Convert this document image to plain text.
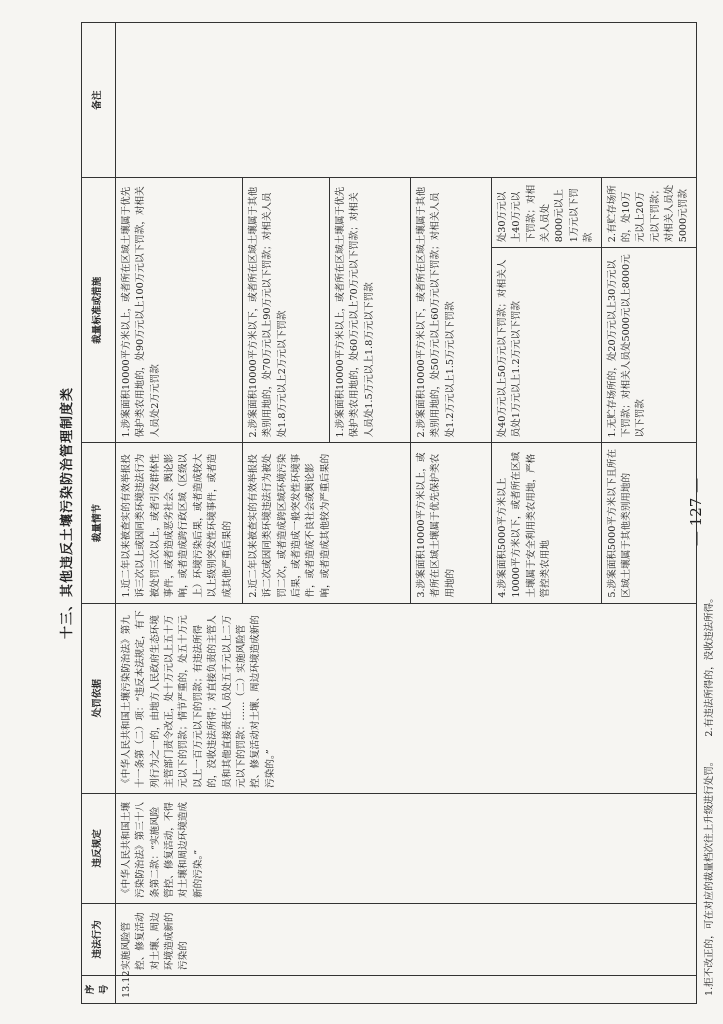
— 127 —
十三、其他违反土壤污染防治管理制度类
序号	违法行为	违反规定	处罚依据	裁量情节	裁量标准或措施		备注
13.12	实施风险管控、修复活动对土壤、周边环境造成新的污染的	《中华人民共和国土壤污染防治法》第三十八条第二款：“实施风险管控、修复活动，不得对土壤和周边环境造成新的污染。”	《中华人民共和国土壤污染防治法》第九十一条第（二）项：“违反本法规定，有下列行为之一的，由地方人民政府生态环境主管部门责令改正，处十万元以上五十万元以下的罚款；情节严重的，处五十万元以上一百万元以下的罚款；有违法所得的，没收违法所得；对直接负责的主管人员和其他直接责任人员处五千元以上二万元以下的罚款：……（二）实施风险管控、修复活动对土壤、周边环境造成新的污染的。”	1.近二年以来被查实的有效举报投诉三次以上或因同类环境违法行为被处罚三次以上，或者引发群体性事件，或者造成恶劣社会、舆论影响，或者造成跨行政区域（区级以上）环境污染后果，或者造成较大以上级别突发性环境事件，或者造成其他严重后果的	1.涉案面积10000平方米以上，或者所在区域土壤属于优先保护类农用地的，处90万元以上100万元以下罚款，对相关人员处2万元罚款		
				2.近二年以来被查实的有效举报投诉二次或因同类环境违法行为被处罚二次，或者造成跨区域环境污染后果，或者造成一般突发性环境事件，或者造成不良社会或舆论影响，或者造成其他较为严重后果的	2.涉案面积10000平方米以下，或者所在区域土壤属于其他类别用地的，处70万元以上90万元以下罚款；对相关人员处1.8万元以上2万元以下罚款		
					1.涉案面积10000平方米以上，或者所在区域土壤属于优先保护类农用地的，处60万元以上70万元以下罚款；对相关人员处1.5万元以上1.8万元以下罚款		
				3.涉案面积10000平方米以上，或者所在区域土壤属于优先保护类农用地的	2.涉案面积10000平方米以下，或者所在区域土壤属于其他类别用地的，处50万元以上60万元以下罚款；对相关人员处1.2万元以上1.5万元以下罚款		
				4.涉案面积5000平方米以上10000平方米以下，或者所在区域土壤属于安全利用类农用地，严格管控类农用地	处40万元以上50万元以下罚款；对相关人员处1万元以上1.2万元以下罚款	处30万元以上40万元以下罚款；对相关人员处8000元以上1万元以下罚款	
				5.涉案面积5000平方米以下且所在区域土壤属于其他类别用地的	1.无贮存场所的，处20万元以上30万元以下罚款；对相关人员处5000元以上8000元以下罚款	2.有贮存场所的，处10万元以上20万元以下罚款；对相关人员处5000元罚款	
1.拒不改正的，可在对应的裁量档次往上升级进行处罚。
2.有违法所得的，没收违法所得。
